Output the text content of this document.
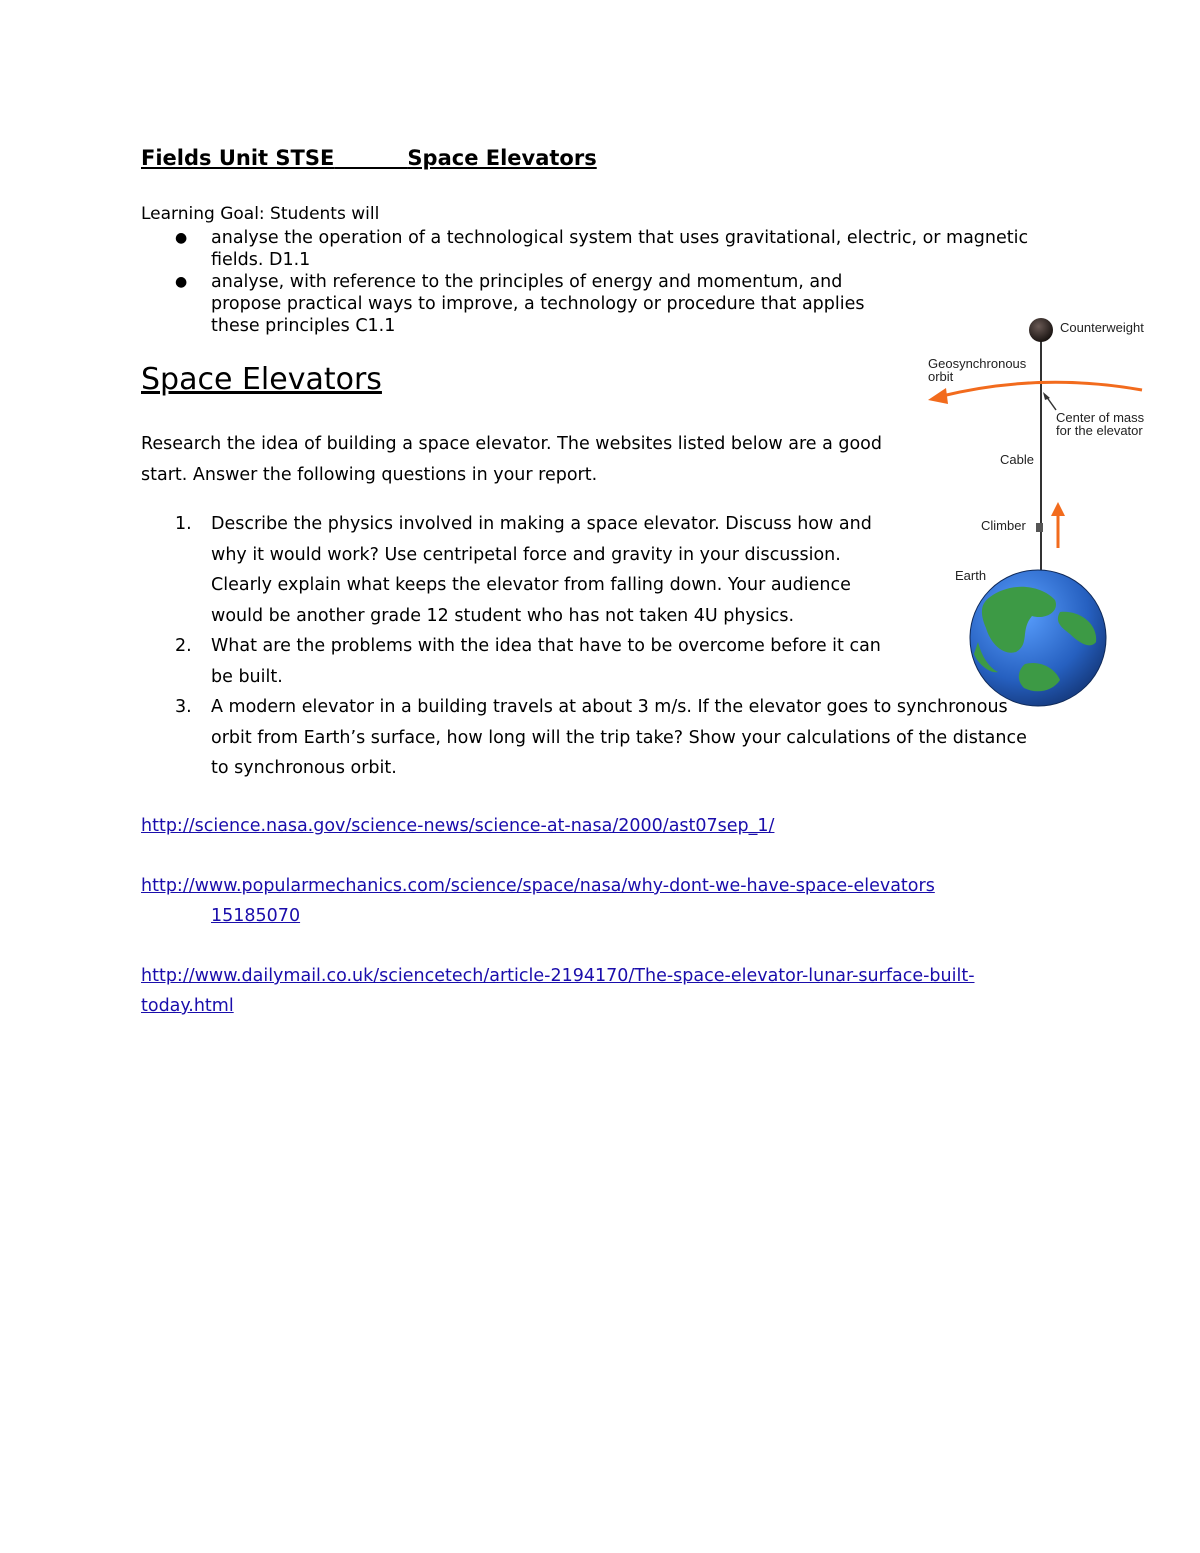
Fields Unit STSE	Space Elevators
Learning Goal: Students will

● analyse the operation of a technological system that uses gravitational, electric, or magnetic fields. D1.1

● analyse, with reference to the principles of energy and momentum, and propose practical ways to improve, a technology or procedure that applies these principles C1.1

Space Elevators
Research the idea of building a space elevator. The websites listed below are a good start. Answer the following questions in your report.

1. Describe the physics involved in making a space elevator. Discuss how and why it would work? Use centripetal force and gravity in your discussion. Clearly explain what keeps the elevator from falling down. Your audience would be another grade 12 student who has not taken 4U physics.

2. What are the problems with the idea that have to be overcome before it can be built.

3. A modern elevator in a building travels at about 3 m/s. If the elevator goes to synchronous orbit from Earth’s surface, how long will the trip take? Show your calculations of the distance to synchronous orbit.

http://science.nasa.gov/science-news/science-at-nasa/2000/ast07sep_1/
http://www.popularmechanics.com/science/space/nasa/why-dont-we-have-space-elevators
15185070
http://www.dailymail.co.uk/sciencetech/article-2194170/The-space-elevator-lunar-surface-built-
today.html
Counterweight
Geosynchronous
orbit
Center of mass
for the elevator
Cable
Climber
Earth
